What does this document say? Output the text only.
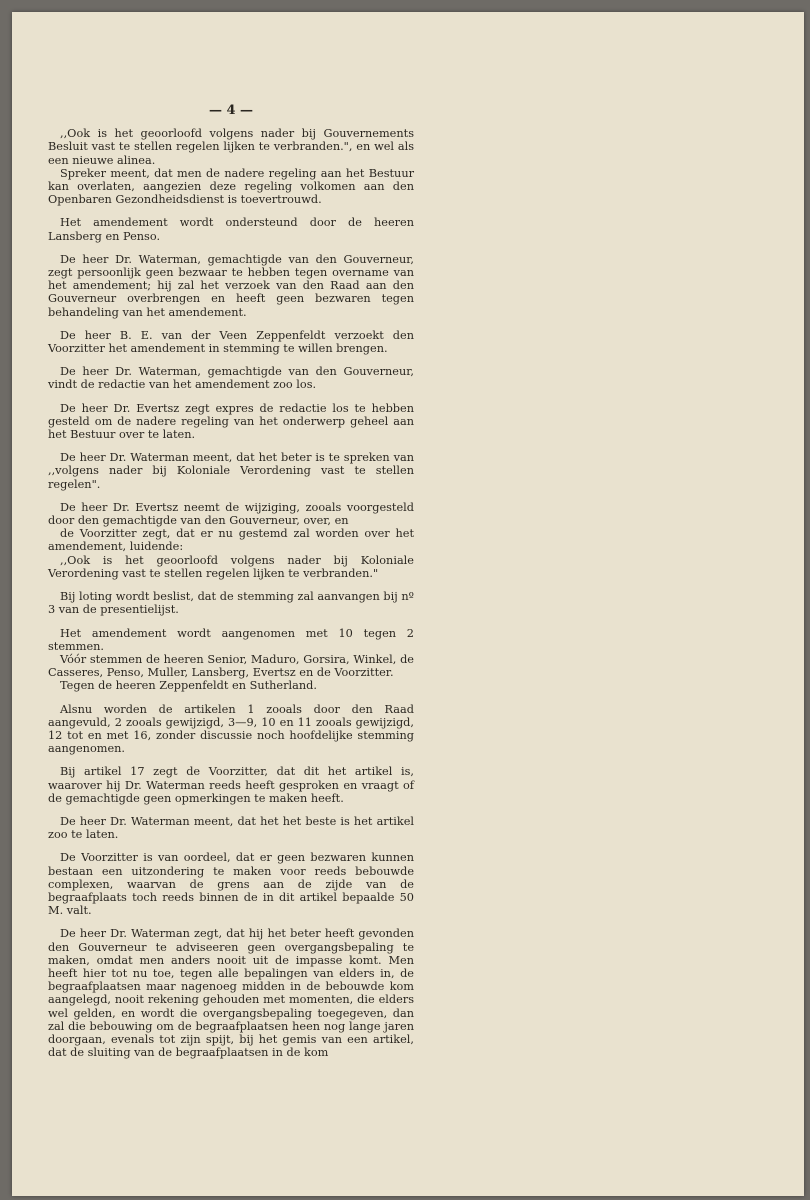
— 4 —

,,Ook is het geoorloofd volgens nader bij Gouvernements Besluit vast te stellen regelen lijken te verbranden.", en wel als een nieuwe alinea.

Spreker meent, dat men de nadere regeling aan het Bestuur kan overlaten, aangezien deze regeling volkomen aan den Openbaren Gezondheidsdienst is toevertrouwd.

Het amendement wordt ondersteund door de heeren Lansberg en Penso.

De heer Dr. Waterman, gemachtigde van den Gouverneur, zegt persoonlijk geen bezwaar te hebben tegen overname van het amendement; hij zal het verzoek van den Raad aan den Gouverneur overbrengen en heeft geen bezwaren tegen behandeling van het amendement.

De heer B. E. van der Veen Zeppenfeldt verzoekt den Voorzitter het amendement in stemming te willen brengen.

De heer Dr. Waterman, gemachtigde van den Gouverneur, vindt de redactie van het amendement zoo los.

De heer Dr. Evertsz zegt expres de redactie los te hebben gesteld om de nadere regeling van het onderwerp geheel aan het Bestuur over te laten.

De heer Dr. Waterman meent, dat het beter is te spreken van ,,volgens nader bij Koloniale Verordening vast te stellen regelen".

De heer Dr. Evertsz neemt de wijziging, zooals voorgesteld door den gemachtigde van den Gouverneur, over, en

de Voorzitter zegt, dat er nu gestemd zal worden over het amendement, luidende:

,,Ook is het geoorloofd volgens nader bij Koloniale Verordening vast te stellen regelen lijken te verbranden."

Bij loting wordt beslist, dat de stemming zal aanvangen bij nº 3 van de presentielijst.

Het amendement wordt aangenomen met 10 tegen 2 stemmen.

Vóór stemmen de heeren Senior, Maduro, Gorsira, Winkel, de Casseres, Penso, Muller, Lansberg, Evertsz en de Voorzitter.

Tegen de heeren Zeppenfeldt en Sutherland.

Alsnu worden de artikelen 1 zooals door den Raad aangevuld, 2 zooals gewijzigd, 3—9, 10 en 11 zooals gewijzigd, 12 tot en met 16, zonder discussie noch hoofdelijke stemming aangenomen.

Bij artikel 17 zegt de Voorzitter, dat dit het artikel is, waarover hij Dr. Waterman reeds heeft gesproken en vraagt of de gemachtigde geen opmerkingen te maken heeft.

De heer Dr. Waterman meent, dat het het beste is het artikel zoo te laten.

De Voorzitter is van oordeel, dat er geen bezwaren kunnen bestaan een uitzondering te maken voor reeds bebouwde complexen, waarvan de grens aan de zijde van de begraafplaats toch reeds binnen de in dit artikel bepaalde 50 M. valt.

De heer Dr. Waterman zegt, dat hij het beter heeft gevonden den Gouverneur te adviseeren geen overgangsbepaling te maken, omdat men anders nooit uit de impasse komt. Men heeft hier tot nu toe, tegen alle bepalingen van elders in, de begraafplaatsen maar nagenoeg midden in de bebouwde kom aangelegd, nooit rekening gehouden met momenten, die elders wel gelden, en wordt die overgangsbepaling toegegeven, dan zal die bebouwing om de begraafplaatsen heen nog lange jaren doorgaan, evenals tot zijn spijt, bij het gemis van een artikel, dat de sluiting van de begraafplaatsen in de kom
